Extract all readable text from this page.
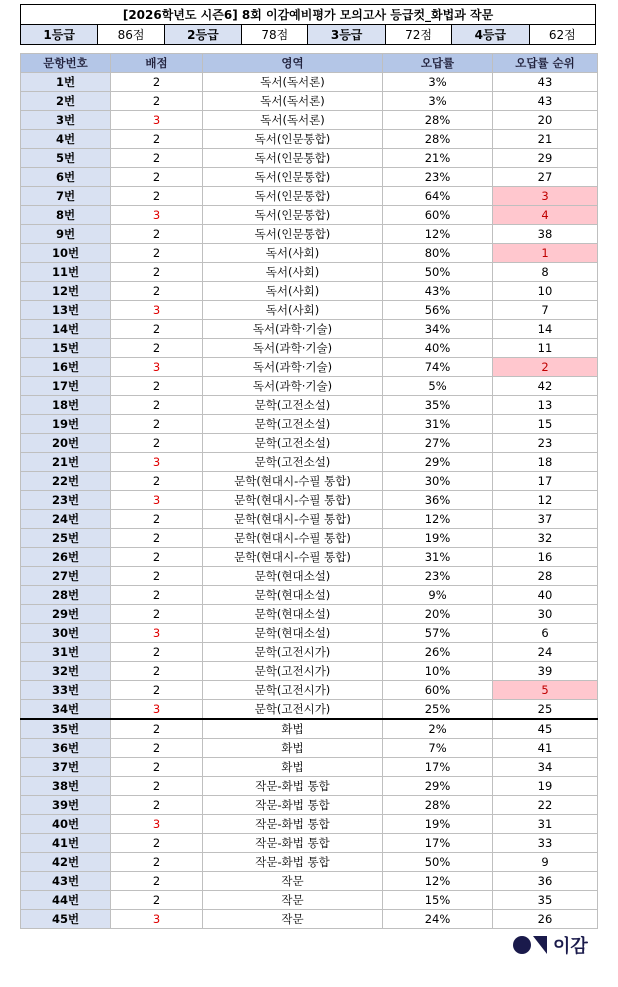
[2026학년도 시즌6] 8회 이감예비평가 모의고사 등급컷_화법과 작문
1등급	86점	2등급	78점	3등급	72점	4등급	62점
문항번호	배점	영역	오답률	오답률 순위
1번	2	독서(독서론)	3%	43
2번	2	독서(독서론)	3%	43
3번	3	독서(독서론)	28%	20
4번	2	독서(인문통합)	28%	21
5번	2	독서(인문통합)	21%	29
6번	2	독서(인문통합)	23%	27
7번	2	독서(인문통합)	64%	3
8번	3	독서(인문통합)	60%	4
9번	2	독서(인문통합)	12%	38
10번	2	독서(사회)	80%	1
11번	2	독서(사회)	50%	8
12번	2	독서(사회)	43%	10
13번	3	독서(사회)	56%	7
14번	2	독서(과학·기술)	34%	14
15번	2	독서(과학·기술)	40%	11
16번	3	독서(과학·기술)	74%	2
17번	2	독서(과학·기술)	5%	42
18번	2	문학(고전소설)	35%	13
19번	2	문학(고전소설)	31%	15
20번	2	문학(고전소설)	27%	23
21번	3	문학(고전소설)	29%	18
22번	2	문학(현대시-수필 통합)	30%	17
23번	3	문학(현대시-수필 통합)	36%	12
24번	2	문학(현대시-수필 통합)	12%	37
25번	2	문학(현대시-수필 통합)	19%	32
26번	2	문학(현대시-수필 통합)	31%	16
27번	2	문학(현대소설)	23%	28
28번	2	문학(현대소설)	9%	40
29번	2	문학(현대소설)	20%	30
30번	3	문학(현대소설)	57%	6
31번	2	문학(고전시가)	26%	24
32번	2	문학(고전시가)	10%	39
33번	2	문학(고전시가)	60%	5
34번	3	문학(고전시가)	25%	25
35번	2	화법	2%	45
36번	2	화법	7%	41
37번	2	화법	17%	34
38번	2	작문-화법 통합	29%	19
39번	2	작문-화법 통합	28%	22
40번	3	작문-화법 통합	19%	31
41번	2	작문-화법 통합	17%	33
42번	2	작문-화법 통합	50%	9
43번	2	작문	12%	36
44번	2	작문	15%	35
45번	3	작문	24%	26
이감
